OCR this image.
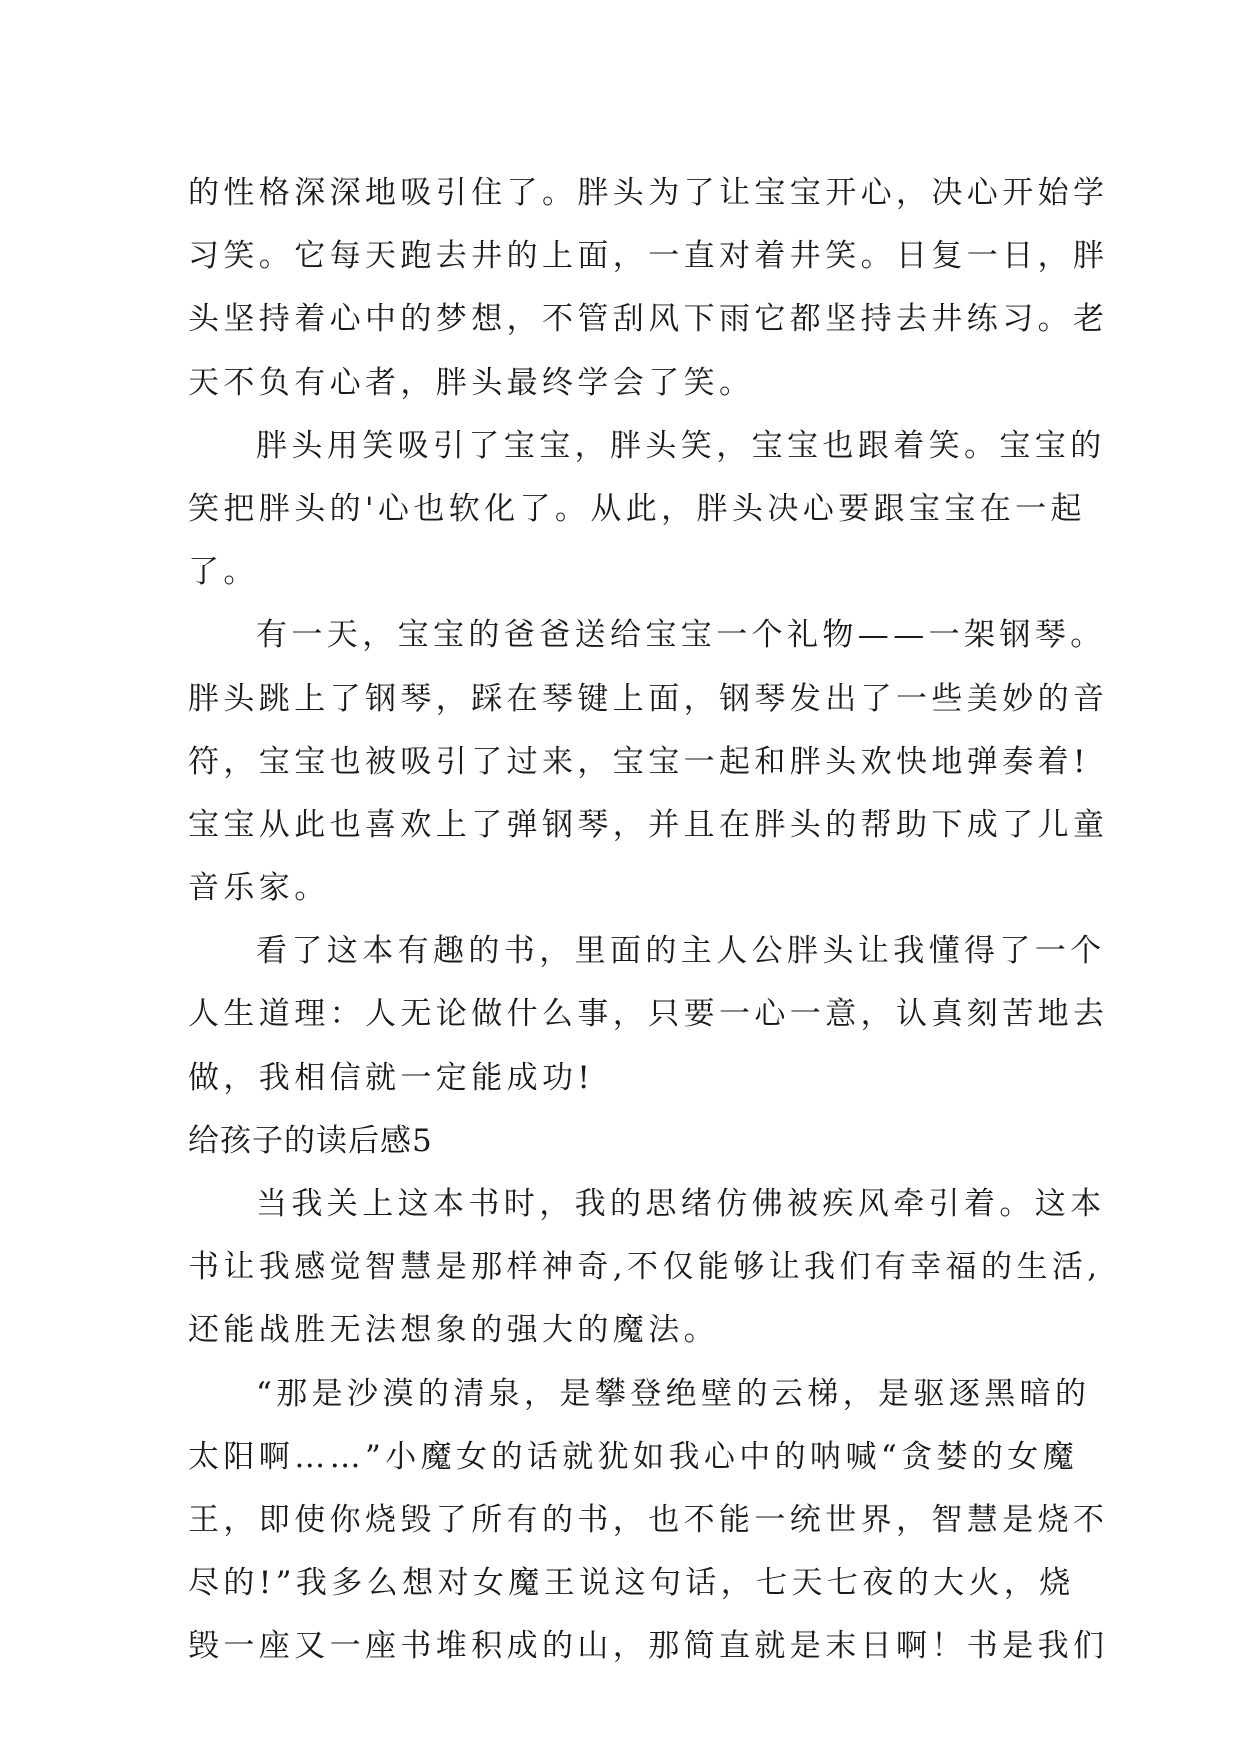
的性格深深地吸引住了。胖头为了让宝宝开心，决心开始学
习笑。它每天跑去井的上面，一直对着井笑。日复一日，胖
头坚持着心中的梦想，不管刮风下雨它都坚持去井练习。老
天不负有心者，胖头最终学会了笑。
胖头用笑吸引了宝宝，胖头笑，宝宝也跟着笑。宝宝的
笑把胖头的'心也软化了。从此，胖头决心要跟宝宝在一起
了。
有一天，宝宝的爸爸送给宝宝一个礼物——一架钢琴。
胖头跳上了钢琴，踩在琴键上面，钢琴发出了一些美妙的音
符，宝宝也被吸引了过来，宝宝一起和胖头欢快地弹奏着!
宝宝从此也喜欢上了弹钢琴，并且在胖头的帮助下成了儿童
音乐家。
看了这本有趣的书，里面的主人公胖头让我懂得了一个
人生道理：人无论做什么事，只要一心一意，认真刻苦地去
做，我相信就一定能成功!
给孩子的读后感5
当我关上这本书时，我的思绪仿佛被疾风牵引着。这本
书让我感觉智慧是那样神奇,不仅能够让我们有幸福的生活,
还能战胜无法想象的强大的魔法。
“那是沙漠的清泉，是攀登绝壁的云梯，是驱逐黑暗的
太阳啊……”小魔女的话就犹如我心中的呐喊“贪婪的女魔
王，即使你烧毁了所有的书，也不能一统世界，智慧是烧不
尽的!”我多么想对女魔王说这句话，七天七夜的大火，烧
毁一座又一座书堆积成的山，那简直就是末日啊！书是我们
